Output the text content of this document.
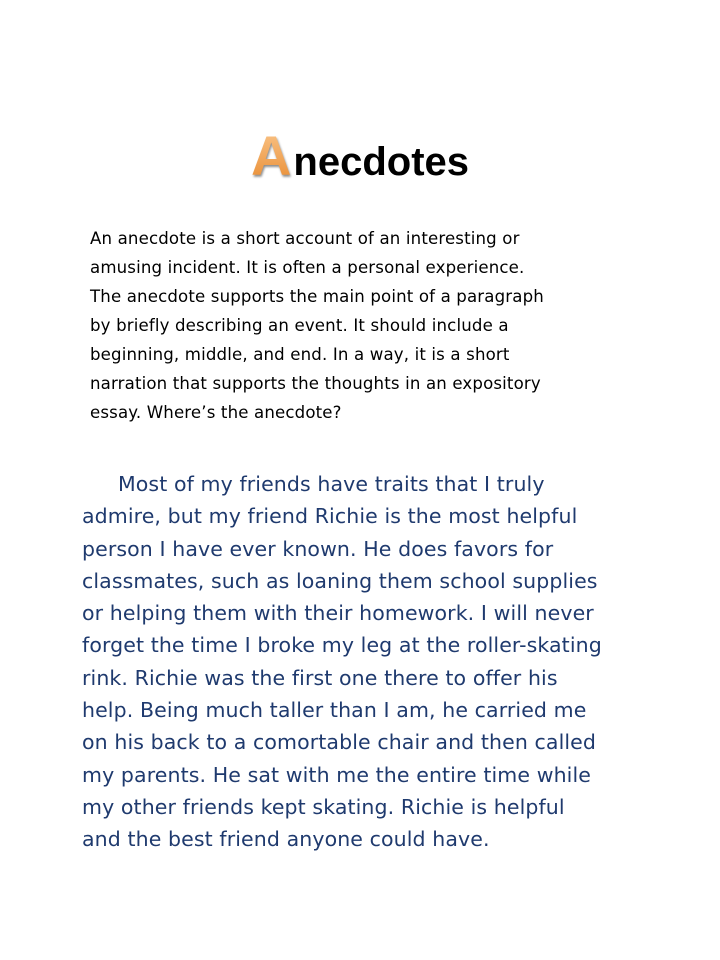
Anecdotes
An anecdote is a short account of an interesting or
amusing incident. It is often a personal experience.
The anecdote supports the main point of a paragraph
by briefly describing an event. It should include a
beginning, middle, and end. In a way, it is a short
narration that supports the thoughts in an expository
essay. Where’s the anecdote?
Most of my friends have traits that I truly
admire, but my friend Richie is the most helpful
person I have ever known. He does favors for
classmates, such as loaning them school supplies
or helping them with their homework. I will never
forget the time I broke my leg at the roller-skating
rink. Richie was the first one there to offer his
help. Being much taller than I am, he carried me
on his back to a comortable chair and then called
my parents. He sat with me the entire time while
my other friends kept skating. Richie is helpful
and the best friend anyone could have.
